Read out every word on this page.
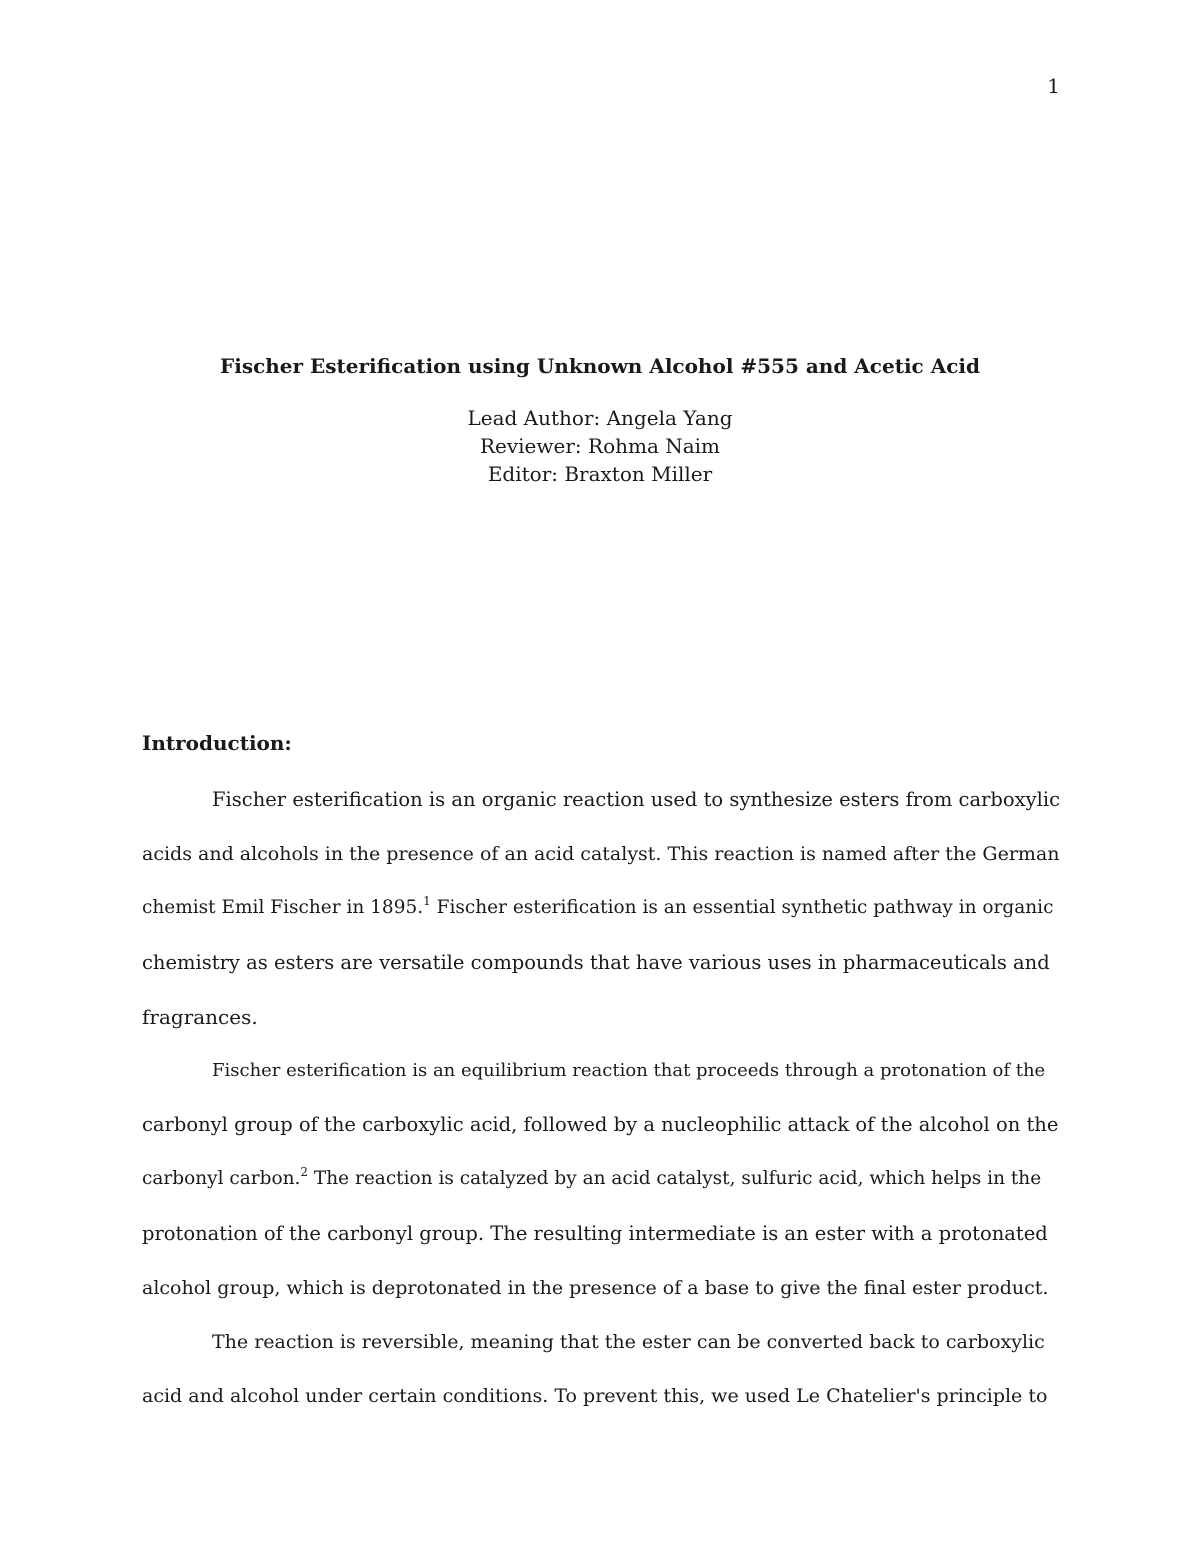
1

Fischer Esterification using Unknown Alcohol #555 and Acetic Acid

Lead Author: Angela Yang

Reviewer: Rohma Naim

Editor: Braxton Miller

Introduction:

Fischer esterification is an organic reaction used to synthesize esters from carboxylic
acids and alcohols in the presence of an acid catalyst. This reaction is named after the German
chemist Emil Fischer in 1895.$^1$ Fischer esterification is an essential synthetic pathway in organic
chemistry as esters are versatile compounds that have various uses in pharmaceuticals and
fragrances.
Fischer esterification is an equilibrium reaction that proceeds through a protonation of the
carbonyl group of the carboxylic acid, followed by a nucleophilic attack of the alcohol on the
carbonyl carbon.$^2$ The reaction is catalyzed by an acid catalyst, sulfuric acid, which helps in the
protonation of the carbonyl group. The resulting intermediate is an ester with a protonated
alcohol group, which is deprotonated in the presence of a base to give the final ester product.
The reaction is reversible, meaning that the ester can be converted back to carboxylic
acid and alcohol under certain conditions. To prevent this, we used Le Chatelier's principle to
